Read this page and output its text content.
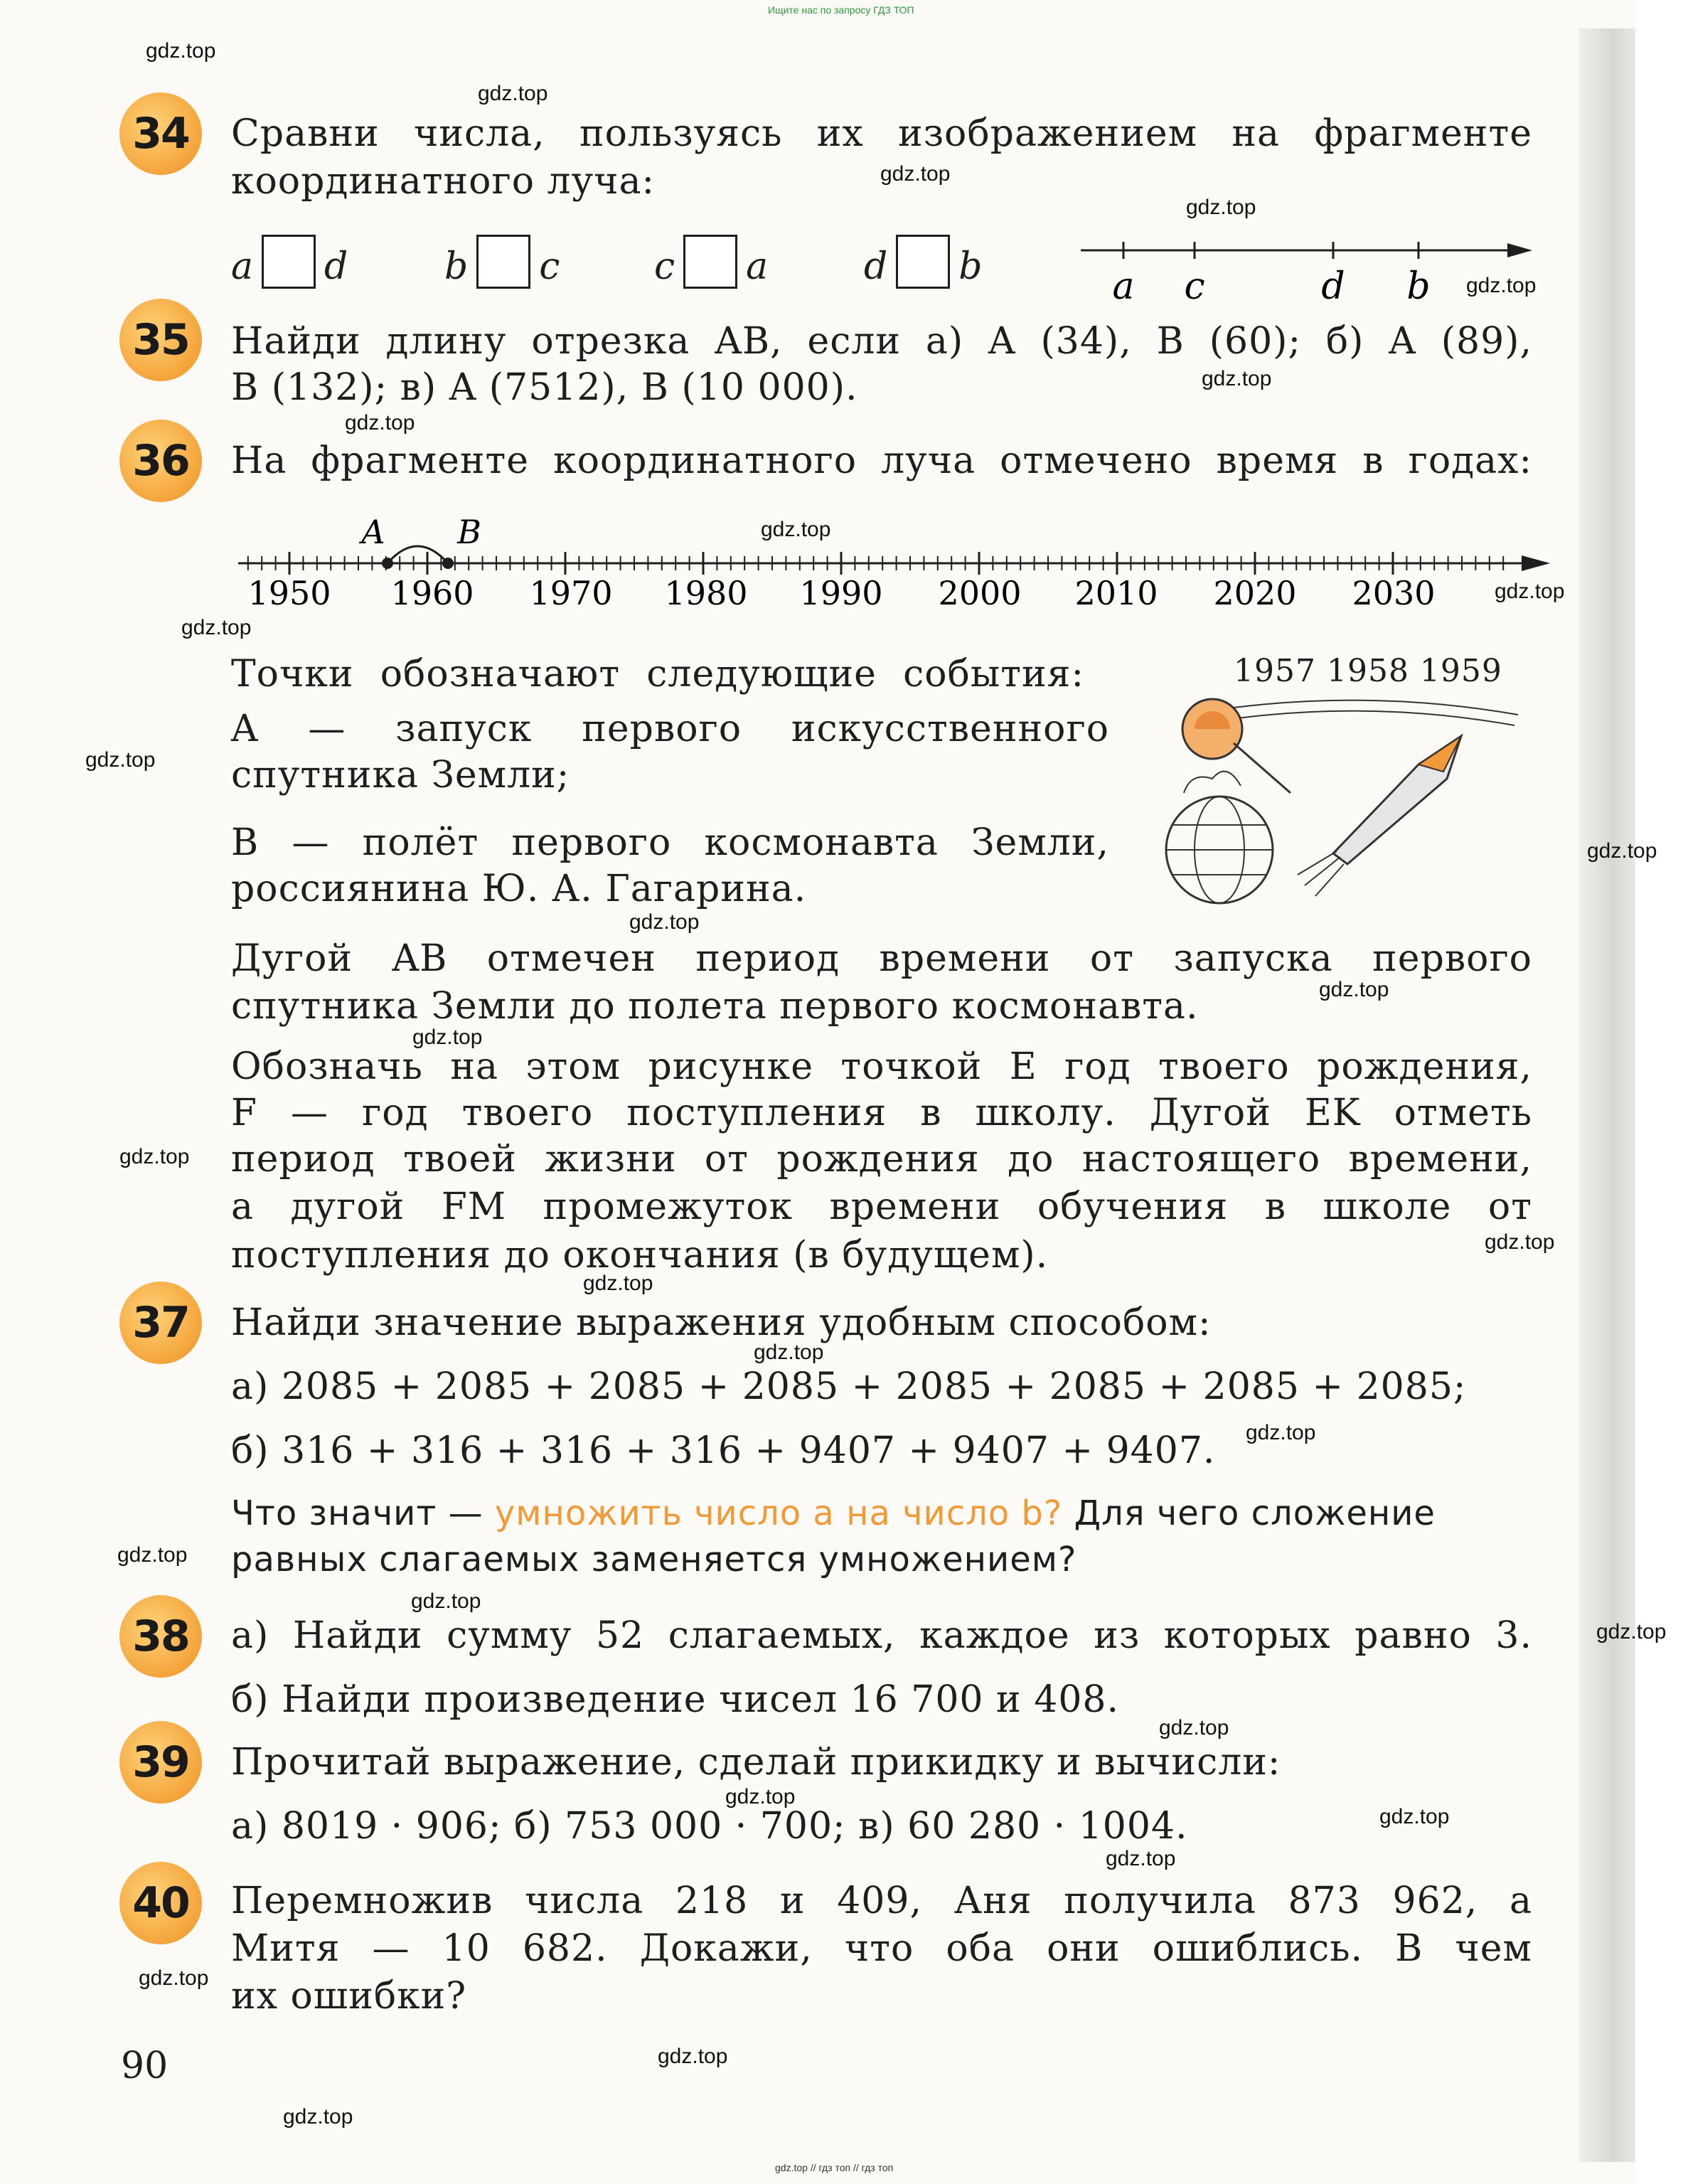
Ищите нас по запросу ГДЗ ТОП
gdz.top
gdz.top
gdz.top
gdz.top
gdz.top
gdz.top
gdz.top
gdz.top
gdz.top
gdz.top
gdz.top
gdz.top
gdz.top
gdz.top
gdz.top
gdz.top
gdz.top
gdz.top
gdz.top
gdz.top
gdz.top
gdz.top
gdz.top
gdz.top
gdz.top
gdz.top
gdz.top
gdz.top
gdz.top
gdz.top
34	Сравни числа, пользуясь их изображением на фрагменте
координатного луча:
a d	b c	c a	d b	a c	d b
35	Найди длину отрезка AB, если а) A (34), B (60); б) A (89),
B (132); в) A (7512), B (10 000).
36	На фрагменте координатного луча отмечено время в годах:
A B
1950 1960 1970 1980 1990 2000 2010 2020 2030
Точки обозначают следующие события:
A — запуск первого искусственного
спутника Земли;
B — полёт первого космонавта Земли,
россиянина Ю. А. Гагарина.
1957 1958 1959
Дугой AB отмечен период времени от запуска первого
спутника Земли до полета первого космонавта.
Обозначь на этом рисунке точкой E год твоего рождения,
F — год твоего поступления в школу. Дугой EK отметь
период твоей жизни от рождения до настоящего времени,
а дугой FM промежуток времени обучения в школе от
поступления до окончания (в будущем).
37	Найди значение выражения удобным способом:
а) 2085 + 2085 + 2085 + 2085 + 2085 + 2085 + 2085 + 2085;
б) 316 + 316 + 316 + 316 + 9407 + 9407 + 9407.
Что значит — умножить число a на число b? Для чего сложение
равных слагаемых заменяется умножением?
38	а) Найди сумму 52 слагаемых, каждое из которых равно 3.
б) Найди произведение чисел 16 700 и 408.
39	Прочитай выражение, сделай прикидку и вычисли:
а) 8019 · 906; б) 753 000 · 700; в) 60 280 · 1004.
40	Перемножив числа 218 и 409, Аня получила 873 962, а
Митя — 10 682. Докажи, что оба они ошиблись. В чем
их ошибки?
90
gdz.top // гдз топ // гдз топ
